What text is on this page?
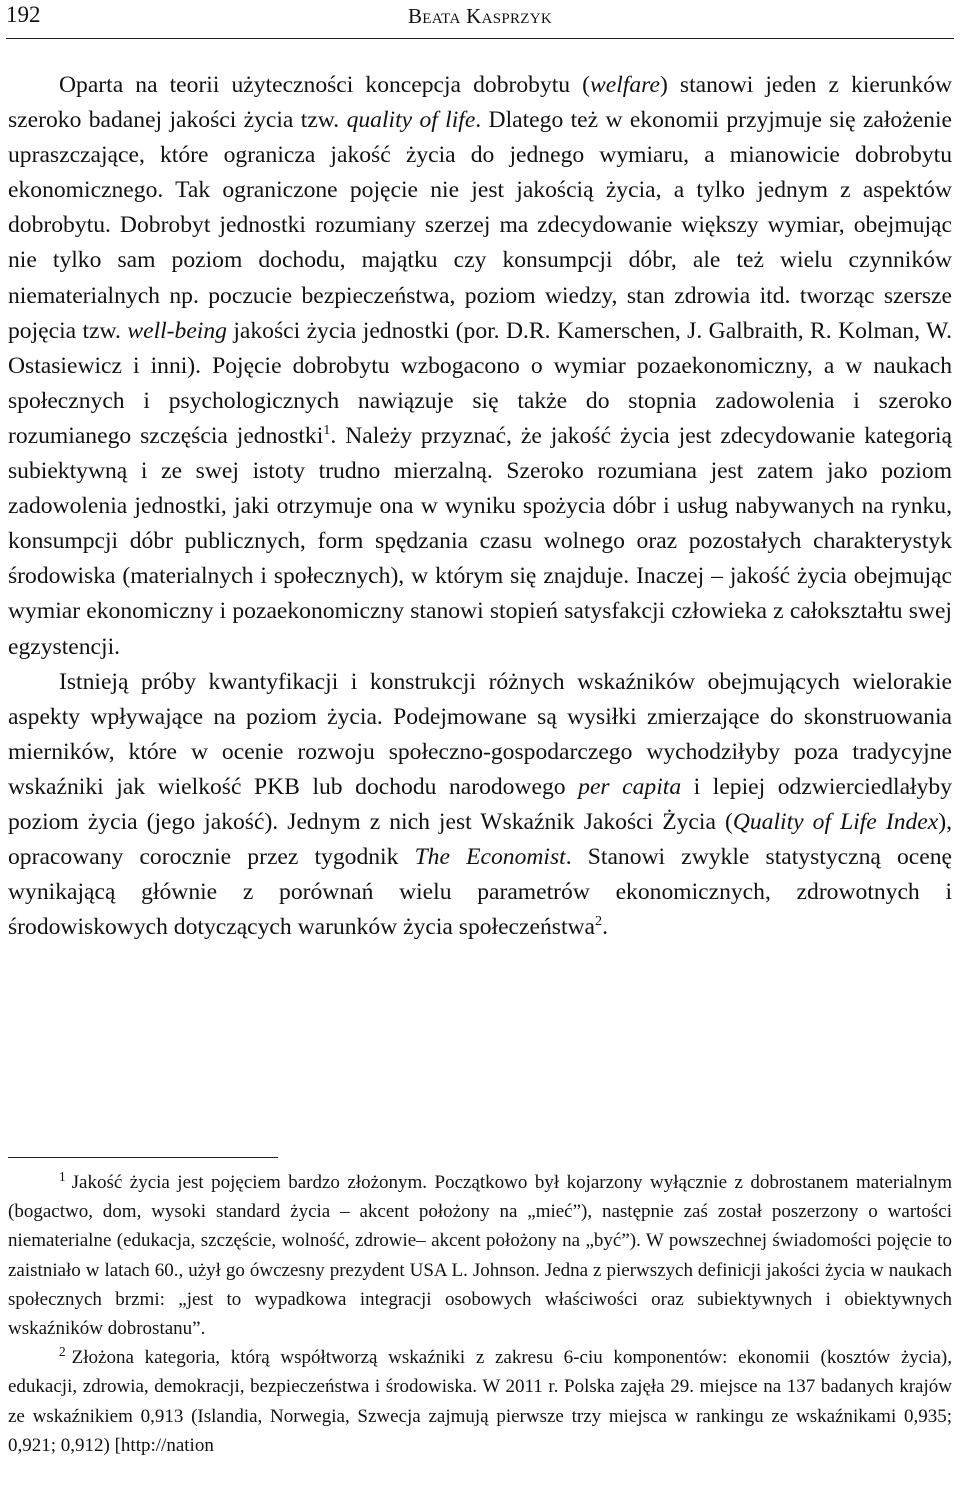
192	Beata Kasprzyk

Oparta na teorii użyteczności koncepcja dobrobytu (welfare) stanowi jeden z kierunków szeroko badanej jakości życia tzw. quality of life. Dlatego też w ekonomii przyjmuje się założenie upraszczające, które ogranicza jakość życia do jednego wymiaru, a mianowicie dobrobytu ekonomicznego. Tak ograniczone pojęcie nie jest jakością życia, a tylko jednym z aspektów dobrobytu. Dobrobyt jednostki rozumiany szerzej ma zdecydowanie większy wymiar, obejmując nie tylko sam poziom dochodu, majątku czy konsumpcji dóbr, ale też wielu czynników niematerialnych np. poczucie bezpieczeństwa, poziom wiedzy, stan zdrowia itd. tworząc szersze pojęcia tzw. well-being jakości życia jednostki (por. D.R. Kamerschen, J. Galbraith, R. Kolman, W. Ostasiewicz i inni). Pojęcie dobrobytu wzbogacono o wymiar pozaekonomiczny, a w naukach społecznych i psychologicznych nawiązuje się także do stopnia zadowolenia i szeroko rozumianego szczęścia jednostki$^1$. Należy przyznać, że jakość życia jest zdecydowanie kategorią subiektywną i ze swej istoty trudno mierzalną. Szeroko rozumiana jest zatem jako poziom zadowolenia jednostki, jaki otrzymuje ona w wyniku spożycia dóbr i usług nabywanych na rynku, konsumpcji dóbr publicznych, form spędzania czasu wolnego oraz pozostałych charakterystyk środowiska (materialnych i społecznych), w którym się znajduje. Inaczej – jakość życia obejmując wymiar ekonomiczny i pozaekonomiczny stanowi stopień satysfakcji człowieka z całokształtu swej egzystencji.

Istnieją próby kwantyfikacji i konstrukcji różnych wskaźników obejmujących wielorakie aspekty wpływające na poziom życia. Podejmowane są wysiłki zmierzające do skonstruowania mierników, które w ocenie rozwoju społeczno-gospodarczego wychodziłyby poza tradycyjne wskaźniki jak wielkość PKB lub dochodu narodowego per capita i lepiej odzwierciedlałyby poziom życia (jego jakość). Jednym z nich jest Wskaźnik Jakości Życia (Quality of Life Index), opracowany corocznie przez tygodnik The Economist. Stanowi zwykle statystyczną ocenę wynikającą głównie z porównań wielu parametrów ekonomicznych, zdrowotnych i środowiskowych dotyczących warunków życia społeczeństwa$^2$.

$^1$ Jakość życia jest pojęciem bardzo złożonym. Początkowo był kojarzony wyłącznie z dobrostanem materialnym (bogactwo, dom, wysoki standard życia – akcent położony na „mieć”), następnie zaś został poszerzony o wartości niematerialne (edukacja, szczęście, wolność, zdrowie– akcent położony na „być”). W powszechnej świadomości pojęcie to zaistniało w latach 60., użył go ówczesny prezydent USA L. Johnson. Jedna z pierwszych definicji jakości życia w naukach społecznych brzmi: „jest to wypadkowa integracji osobowych właściwości oraz subiektywnych i obiektywnych wskaźników dobrostanu”.

$^2$ Złożona kategoria, którą współtworzą wskaźniki z zakresu 6-ciu komponentów: ekonomii (kosztów życia), edukacji, zdrowia, demokracji, bezpieczeństwa i środowiska. W 2011 r. Polska zajęła 29. miejsce na 137 badanych krajów ze wskaźnikiem 0,913 (Islandia, Norwegia, Szwecja zajmują pierwsze trzy miejsca w rankingu ze wskaźnikami 0,935; 0,921; 0,912) [http://nation
